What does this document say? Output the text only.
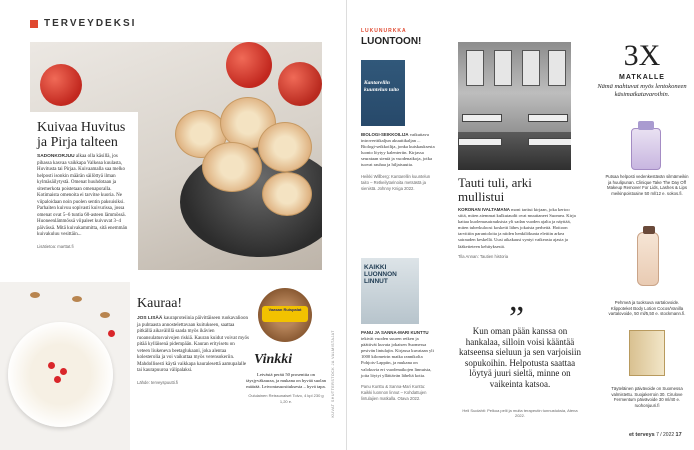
TERVEYDEKSI
Kuivaa Huvitus ja Pirja talteen
SADONKORJUU alkaa olla käsillä, jos pihassa kasvaa vaikkapa Valkeaa kuulasta, Huvitusta tai Pirjaa. Kuivaamalla saa melko helposti isonkin määrän säilöttyä ilman kylmäsäilytystä. Omenat huuhdotaan ja sitemerkota poistetaan omenaporalla. Kotimaista omenoita ei tarvitse kuoria. Ne viipaloidaan noin puolen sentin paksuisiksi. Parhaiten kuivuu sopivasti kuivurissa, jossa omenat ovat 5–6 tuntia 60-asteen lämmössä. Huoneenlämmössä viipaleet kuivuvat 3–4 päivässä. Mitä kuivakammitta, sitä enemmän kuivakuluu vesittäin...
Lisätietoa: marttat.fi
Kauraa!
JOS LISÄÄ kauraproteiinia päivittäiseen ruokavalioon ja puhtaasta annostelettavaan kuitukseen, saattaa pitkällä aikavälillä saada myös ikävien ruoansulatusvaivojen riskiä. Kauran kuidut voivat myös pitää kylläisenä pidempään. Kauran erityisetu on veteen liukeneva beetaglukaani, joka alentaa kolesterolia ja voi vaikuttaa myös verensokeriin. Mahdollisesti käytä vaikkapa kauralesettä aamupalalle tai kaurapuuroa välipalaksi.
Lähde: terveyspuutti.fi
Vaasan Ruispalat
Vinkki
Leivästä peräti 50 prosenttia on täysjyväkauraa, ja mukana on hyvää suolan määrää. Leivontasuosituksesta – hyvä tapa.
Oululainen Reissunaiset Toivo, 4 kpl 230 g 1,20 e.	KUVAT SHUTTERSTOCK JA VALMISTAJAT
LUKUNURKKA
LUONTOON!
Kantarellin kuuntelun taito
BIOLOGI-SEIKKOILIJA vaikuttava introverttikaljun akuuttikaljan ... Biologi-seikkoilija, jonka kuiskauksesta luonto löytyy kalenteriin. Kirjassa seurataan sieniä ja vuodenaikoja, jotka tuovat rauhaa ja hiljaisuutta.
Heikki Willberg: Kantarellin kuuntelun taito – Retkeilytarinoita metsästä ja sienistä. Johnny Kniga 2022.
KAIKKI LUONNON LINNUT
PANU JA SANNA-MARI KUNTTU tekivät vuoden suuren retken ja päättivät kuvata jokaisen Suomessa pesivän lintulajin. Kirjassa kuvataan yli 1000 kilometrin matka rannikolta Pohjois-Lappiin, ja mukana on valokuvia eri vuodenaikojen linnuista, joita löytyi yllättävän läheltä kotia.
Panu Kunttu & Sanna-Mari Kunttu: Kaikki luonnon linnut – Kohdattujen lintulajien matkalla. Otava 2022.
Tauti tuli, arki mullistui
KORONAN IVALTAMANA moni tarttui kirjaan, joka kertoo siitä, miten aiemmat kulkutaudit ovat muuttaneet Suomea. Kirja kattaa kuolemasairauksista yli sadan vuoden ajalta ja näyttää, miten tuberkuloosi kosketti lähes jokaista perhettä. Hoitoon tarvittiin parantoloita ja niiden henkilökunta elettiin arkea sairauden keskellä. Uusi aikakausi syntyi vaikeasta ajasta ja lääketieteen kehityksestä.
Tila Annan: Tautien historia
”
Kun oman pään kanssa on hankalaa, silloin voisi kääntää katseensa sieluun ja sen varjoisiin sopukoihin. Helpotusta saattaa löytyä juuri sieltä, minne on vaikeinta katsoa.
Heli Suolahti: Pelkoa pelii ja muita terapeutin tunnustuksia, Atena 2022.
3X
MATKALLE
Nämä mahtuvat myös lentokoneen käsimatkatavaroihin.
Putsaa helposti vedenkestävän silmämeikin ja huulipunan. Clinique Take The Day Off Makeup Remover For Lids, Lashes & Lips meikinpoistoaine 50 ml/12 e. sokos.fi.
Pehmeä ja tuoksuva vartalovoide. Klippoteket Body Lotion Cocos/Vanilla vartalovoide, 50 ml/5,50 e. stockmann.fi.
Täyteläinen päivävoide on Suomessa valmistettu. Suojakerroin 30. Cirulove Fermentum päivävoide 30 ml/40 e. ruohonjuuri.fi
et terveys 7 / 2022 17
